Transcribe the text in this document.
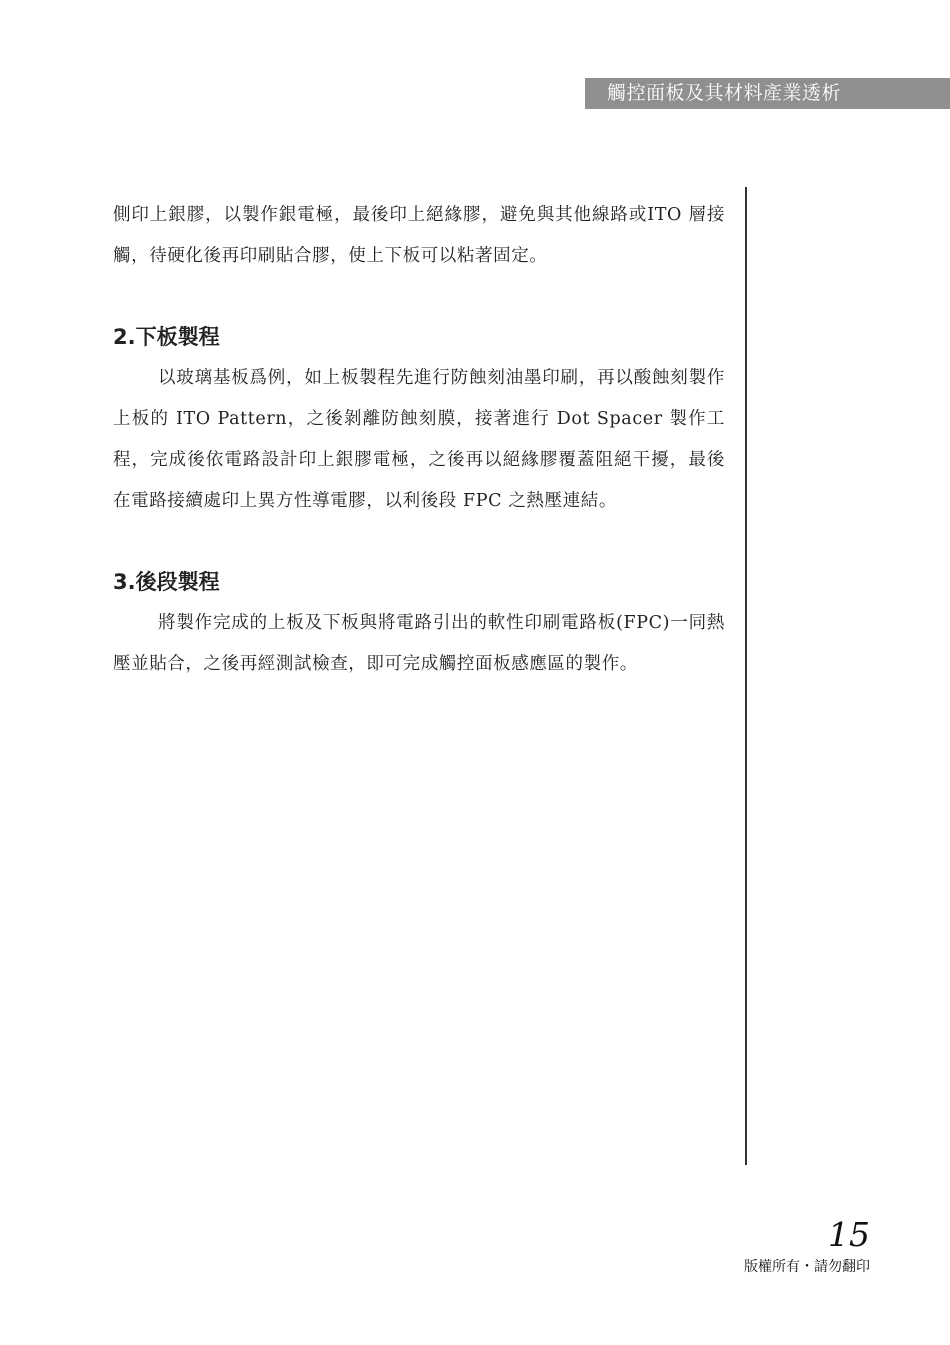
觸控面板及其材料產業透析

側印上銀膠，以製作銀電極，最後印上絕緣膠，避免與其他線路或ITO 層接觸，待硬化後再印刷貼合膠，使上下板可以粘著固定。

2.下板製程

以玻璃基板爲例，如上板製程先進行防蝕刻油墨印刷，再以酸蝕刻製作上板的 ITO Pattern，之後剝離防蝕刻膜，接著進行 Dot Spacer 製作工程，完成後依電路設計印上銀膠電極，之後再以絕緣膠覆蓋阻絕干擾，最後在電路接續處印上異方性導電膠，以利後段 FPC 之熱壓連結。

3.後段製程

將製作完成的上板及下板與將電路引出的軟性印刷電路板(FPC)一同熱壓並貼合，之後再經測試檢查，即可完成觸控面板感應區的製作。

15
版權所有・請勿翻印
